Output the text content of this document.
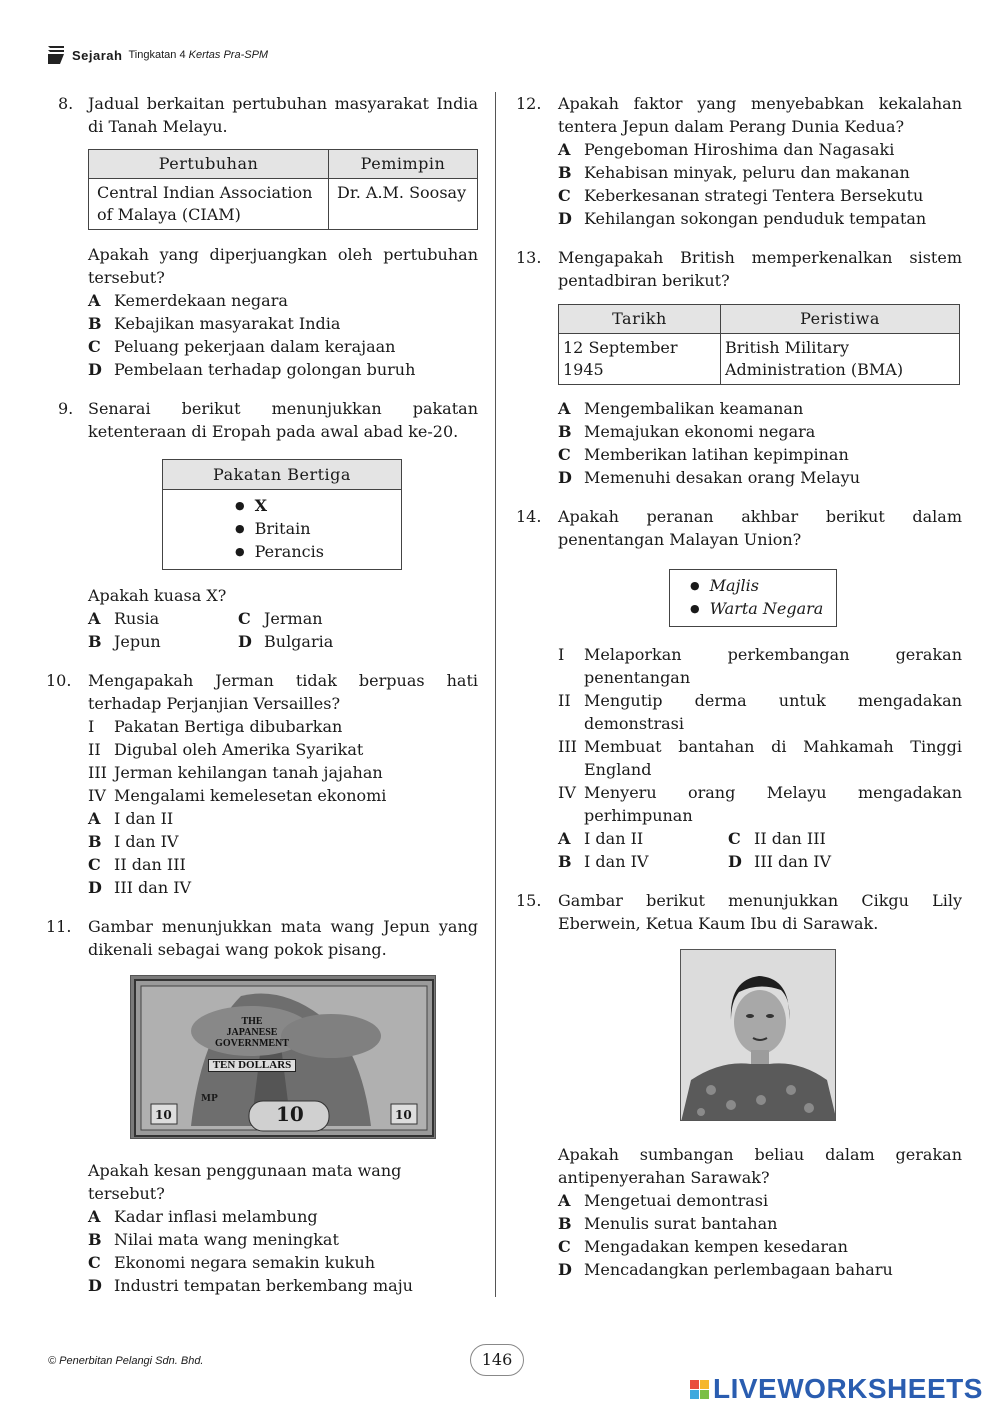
Sejarah Tingkatan 4 Kertas Pra-SPM
8. Jadual berkaitan pertubuhan masyarakat India di Tanah Melayu.
Pertubuhan	Pemimpin
Central Indian Association of Malaya (CIAM)	Dr. A.M. Soosay
Apakah yang diperjuangkan oleh pertubuhan tersebut?
A Kemerdekaan negara
B Kebajikan masyarakat India
C Peluang pekerjaan dalam kerajaan
D Pembelaan terhadap golongan buruh
9. Senarai berikut menunjukkan pakatan ketenteraan di Eropah pada awal abad ke-20.
Pakatan Bertiga
● X
● Britain
● Perancis
Apakah kuasa X?
A Rusia	C Jerman
B Jepun	D Bulgaria
10.	Mengapakah Jerman tidak berpuas hati terhadap Perjanjian Versailles?
I	Pakatan Bertiga dibubarkan
II Digubal oleh Amerika Syarikat
III Jerman kehilangan tanah jajahan
IV Mengalami kemelesetan ekonomi
A I dan II
B I dan IV
C II dan III
D III dan IV
11.	Gambar menunjukkan mata wang Jepun yang dikenali sebagai wang pokok pisang.
THE
JAPANESE
GOVERNMENT
TEN DOLLARS
MP
10
10	10
Apakah kesan penggunaan mata wang tersebut?
A Kadar inflasi melambung
B Nilai mata wang meningkat
C Ekonomi negara semakin kukuh
D Industri tempatan berkembang maju
12.	Apakah faktor yang menyebabkan kekalahan tentera Jepun dalam Perang Dunia Kedua?
A Pengeboman Hiroshima dan Nagasaki
B Kehabisan minyak, peluru dan makanan
C Keberkesanan strategi Tentera Bersekutu
D Kehilangan sokongan penduduk tempatan
13.	Mengapakah British memperkenalkan sistem pentadbiran berikut?
Tarikh	Peristiwa
12 September 1945	British Military Administration (BMA)
A Mengembalikan keamanan
B Memajukan ekonomi negara
C Memberikan latihan kepimpinan
D Memenuhi desakan orang Melayu
14.	Apakah peranan akhbar berikut dalam penentangan Malayan Union?
● Majlis
● Warta Negara
I	Melaporkan perkembangan gerakan penentangan
II Mengutip derma untuk mengadakan demonstrasi
III Membuat bantahan di Mahkamah Tinggi England
IV Menyeru orang Melayu mengadakan perhimpunan
A I dan II	C II dan III
B I dan IV	D III dan IV
15.	Gambar berikut menunjukkan Cikgu Lily Eberwein, Ketua Kaum Ibu di Sarawak.
Apakah sumbangan beliau dalam gerakan antipenyerahan Sarawak?
A Mengetuai demontrasi
B Menulis surat bantahan
C Mengadakan kempen kesedaran
D Mencadangkan perlembagaan baharu
© Penerbitan Pelangi Sdn. Bhd.	146
LIVEWORKSHEETS
